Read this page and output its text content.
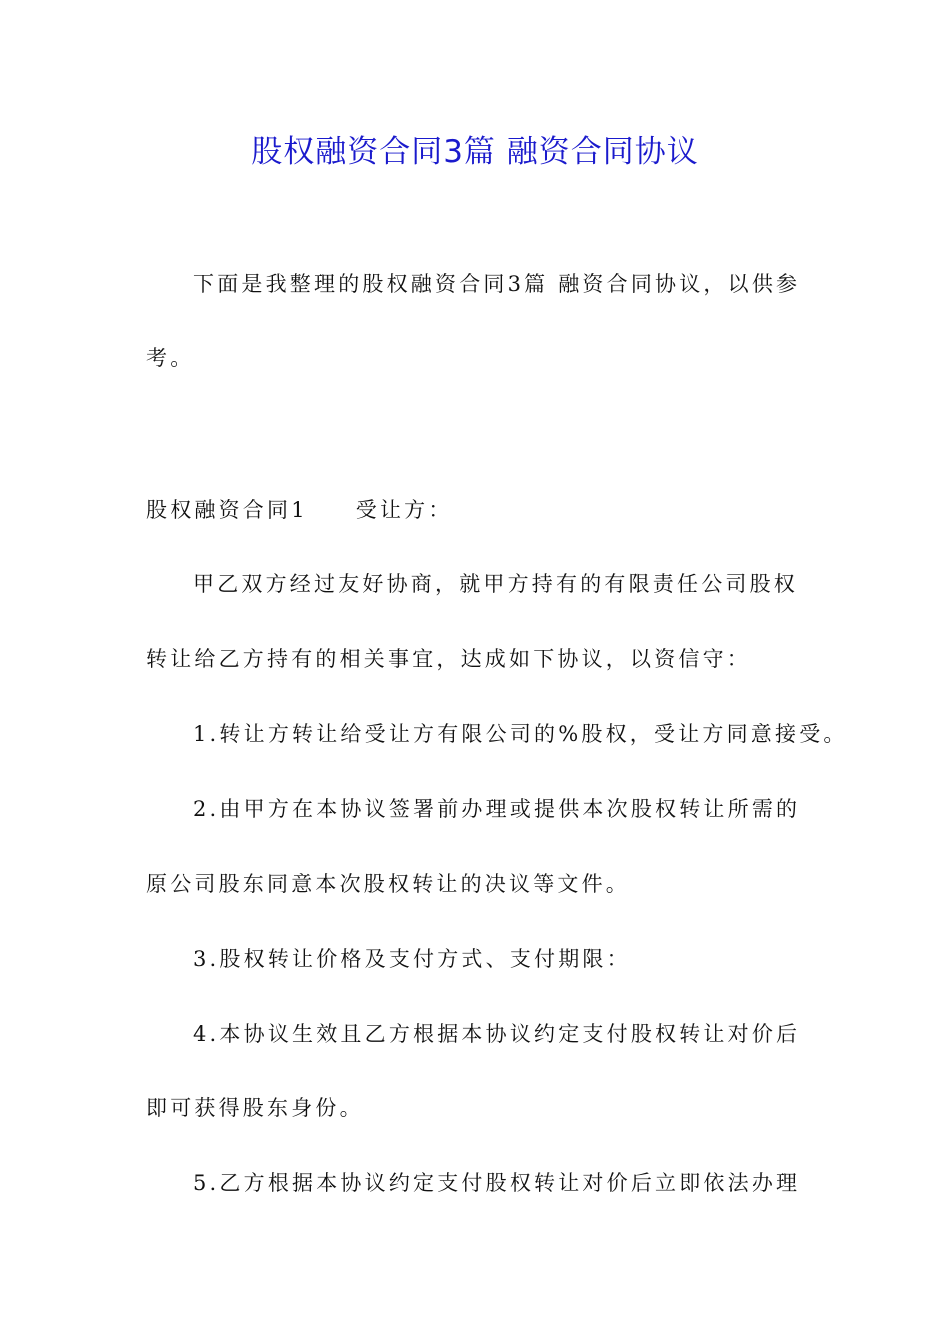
股权融资合同3篇 融资合同协议
下面是我整理的股权融资合同3篇 融资合同协议，以供参
考。
股权融资合同1 受让方：
甲乙双方经过友好协商，就甲方持有的有限责任公司股权
转让给乙方持有的相关事宜，达成如下协议，以资信守：
1.转让方转让给受让方有限公司的%股权，受让方同意接受。
2.由甲方在本协议签署前办理或提供本次股权转让所需的
原公司股东同意本次股权转让的决议等文件。
3.股权转让价格及支付方式、支付期限：
4.本协议生效且乙方根据本协议约定支付股权转让对价后
即可获得股东身份。
5.乙方根据本协议约定支付股权转让对价后立即依法办理
